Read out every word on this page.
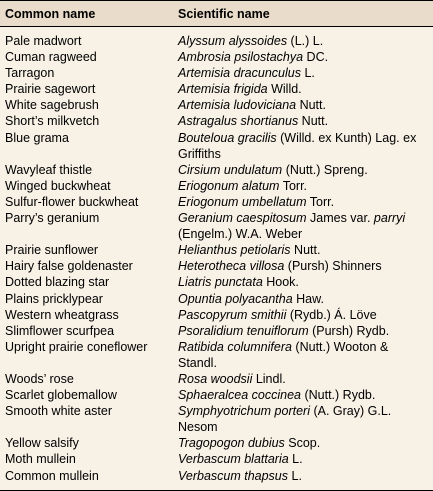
Common name	Scientific name
Pale madwort	Alyssum alyssoides (L.) L.
Cuman ragweed	Ambrosia psilostachya DC.
Tarragon	Artemisia dracunculus L.
Prairie sagewort	Artemisia frigida Willd.
White sagebrush	Artemisia ludoviciana Nutt.
Short’s milkvetch	Astragalus shortianus Nutt.
Blue grama	Bouteloua gracilis (Willd. ex Kunth) Lag. ex Griffiths
Wavyleaf thistle	Cirsium undulatum (Nutt.) Spreng.
Winged buckwheat	Eriogonum alatum Torr.
Sulfur-flower buckwheat	Eriogonum umbellatum Torr.
Parry’s geranium	Geranium caespitosum James var. parryi (Engelm.) W.A. Weber
Prairie sunflower	Helianthus petiolaris Nutt.
Hairy false goldenaster	Heterotheca villosa (Pursh) Shinners
Dotted blazing star	Liatris punctata Hook.
Plains pricklypear	Opuntia polyacantha Haw.
Western wheatgrass	Pascopyrum smithii (Rydb.) Á. Löve
Slimflower scurfpea	Psoralidium tenuiflorum (Pursh) Rydb.
Upright prairie coneflower	Ratibida columnifera (Nutt.) Wooton & Standl.
Woods’ rose	Rosa woodsii Lindl.
Scarlet globemallow	Sphaeralcea coccinea (Nutt.) Rydb.
Smooth white aster	Symphyotrichum porteri (A. Gray) G.L. Nesom
Yellow salsify	Tragopogon dubius Scop.
Moth mullein	Verbascum blattaria L.
Common mullein	Verbascum thapsus L.
